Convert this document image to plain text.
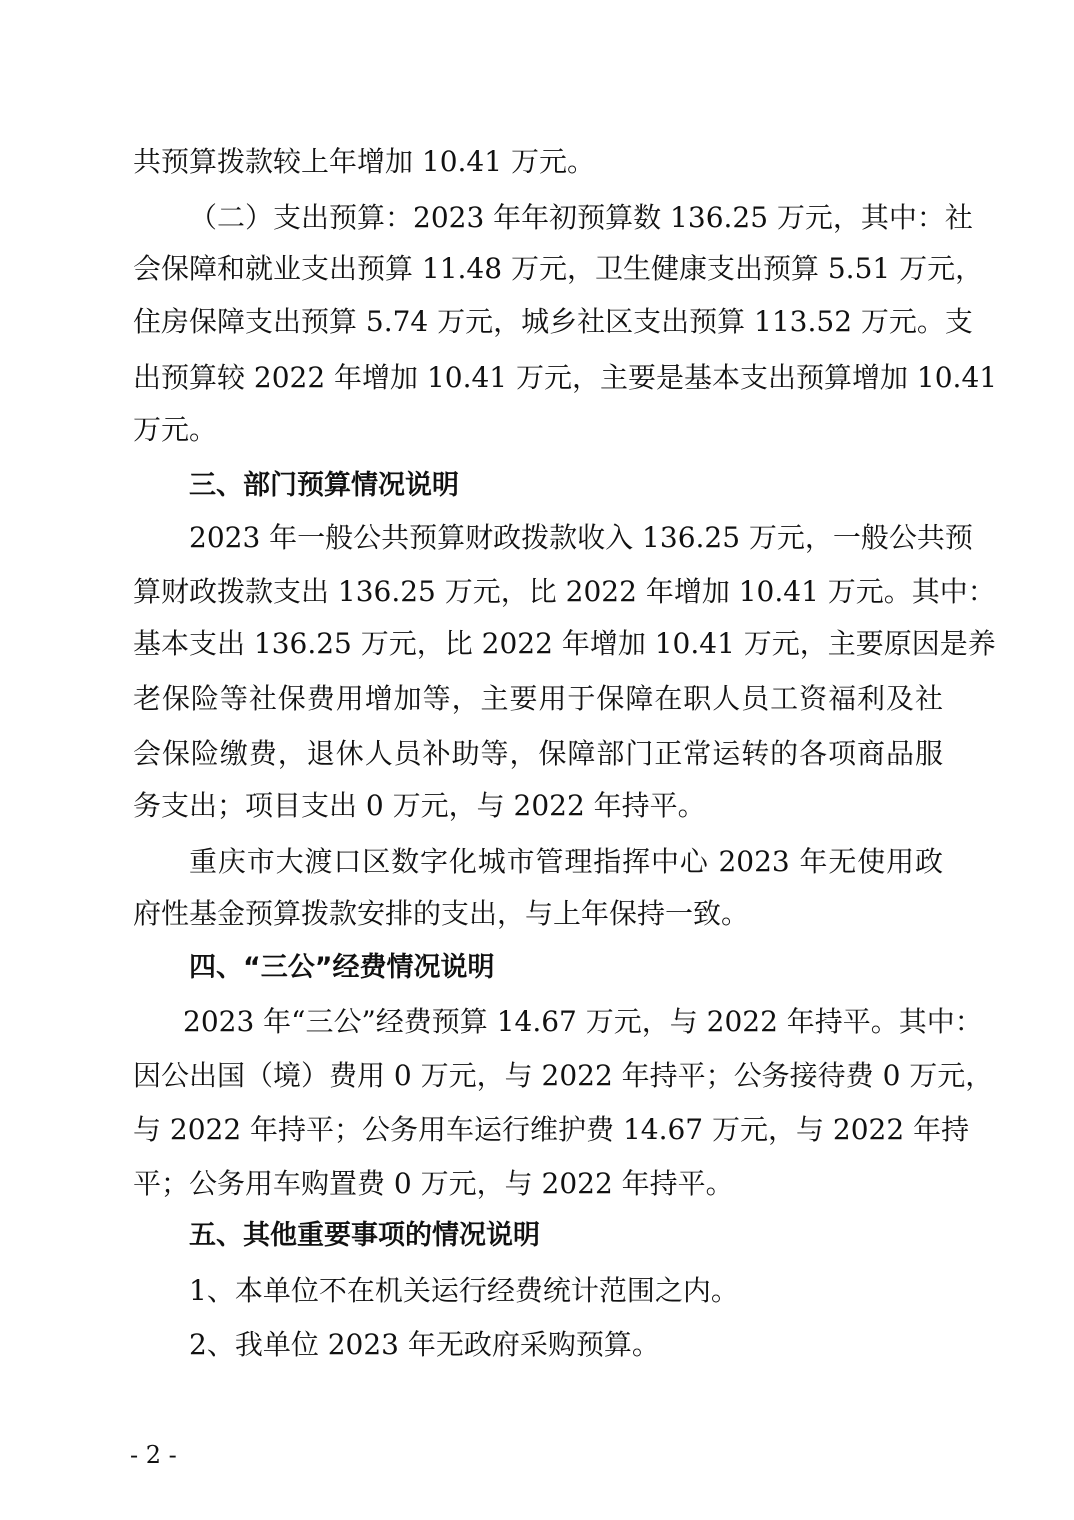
共预算拨款较上年增加 10.41 万元。
（二）支出预算：2023 年年初预算数 136.25 万元，其中：社
会保障和就业支出预算 11.48 万元，卫生健康支出预算 5.51 万元，
住房保障支出预算 5.74 万元，城乡社区支出预算 113.52 万元。支
出预算较 2022 年增加 10.41 万元，主要是基本支出预算增加 10.41
万元。
三、部门预算情况说明
2023 年一般公共预算财政拨款收入 136.25 万元，一般公共预
算财政拨款支出 136.25 万元，比 2022 年增加 10.41 万元。其中：
基本支出 136.25 万元，比 2022 年增加 10.41 万元，主要原因是养
老保险等社保费用增加等，主要用于保障在职人员工资福利及社
会保险缴费，退休人员补助等，保障部门正常运转的各项商品服
务支出；项目支出 0 万元，与 2022 年持平。
重庆市大渡口区数字化城市管理指挥中心 2023 年无使用政
府性基金预算拨款安排的支出，与上年保持一致。
四、“三公”经费情况说明
2023 年“三公”经费预算 14.67 万元，与 2022 年持平。其中：
因公出国（境）费用 0 万元，与 2022 年持平；公务接待费 0 万元，
与 2022 年持平；公务用车运行维护费 14.67 万元，与 2022 年持
平；公务用车购置费 0 万元，与 2022 年持平。
五、其他重要事项的情况说明
1、本单位不在机关运行经费统计范围之内。
2、我单位 2023 年无政府采购预算。
- 2 -
